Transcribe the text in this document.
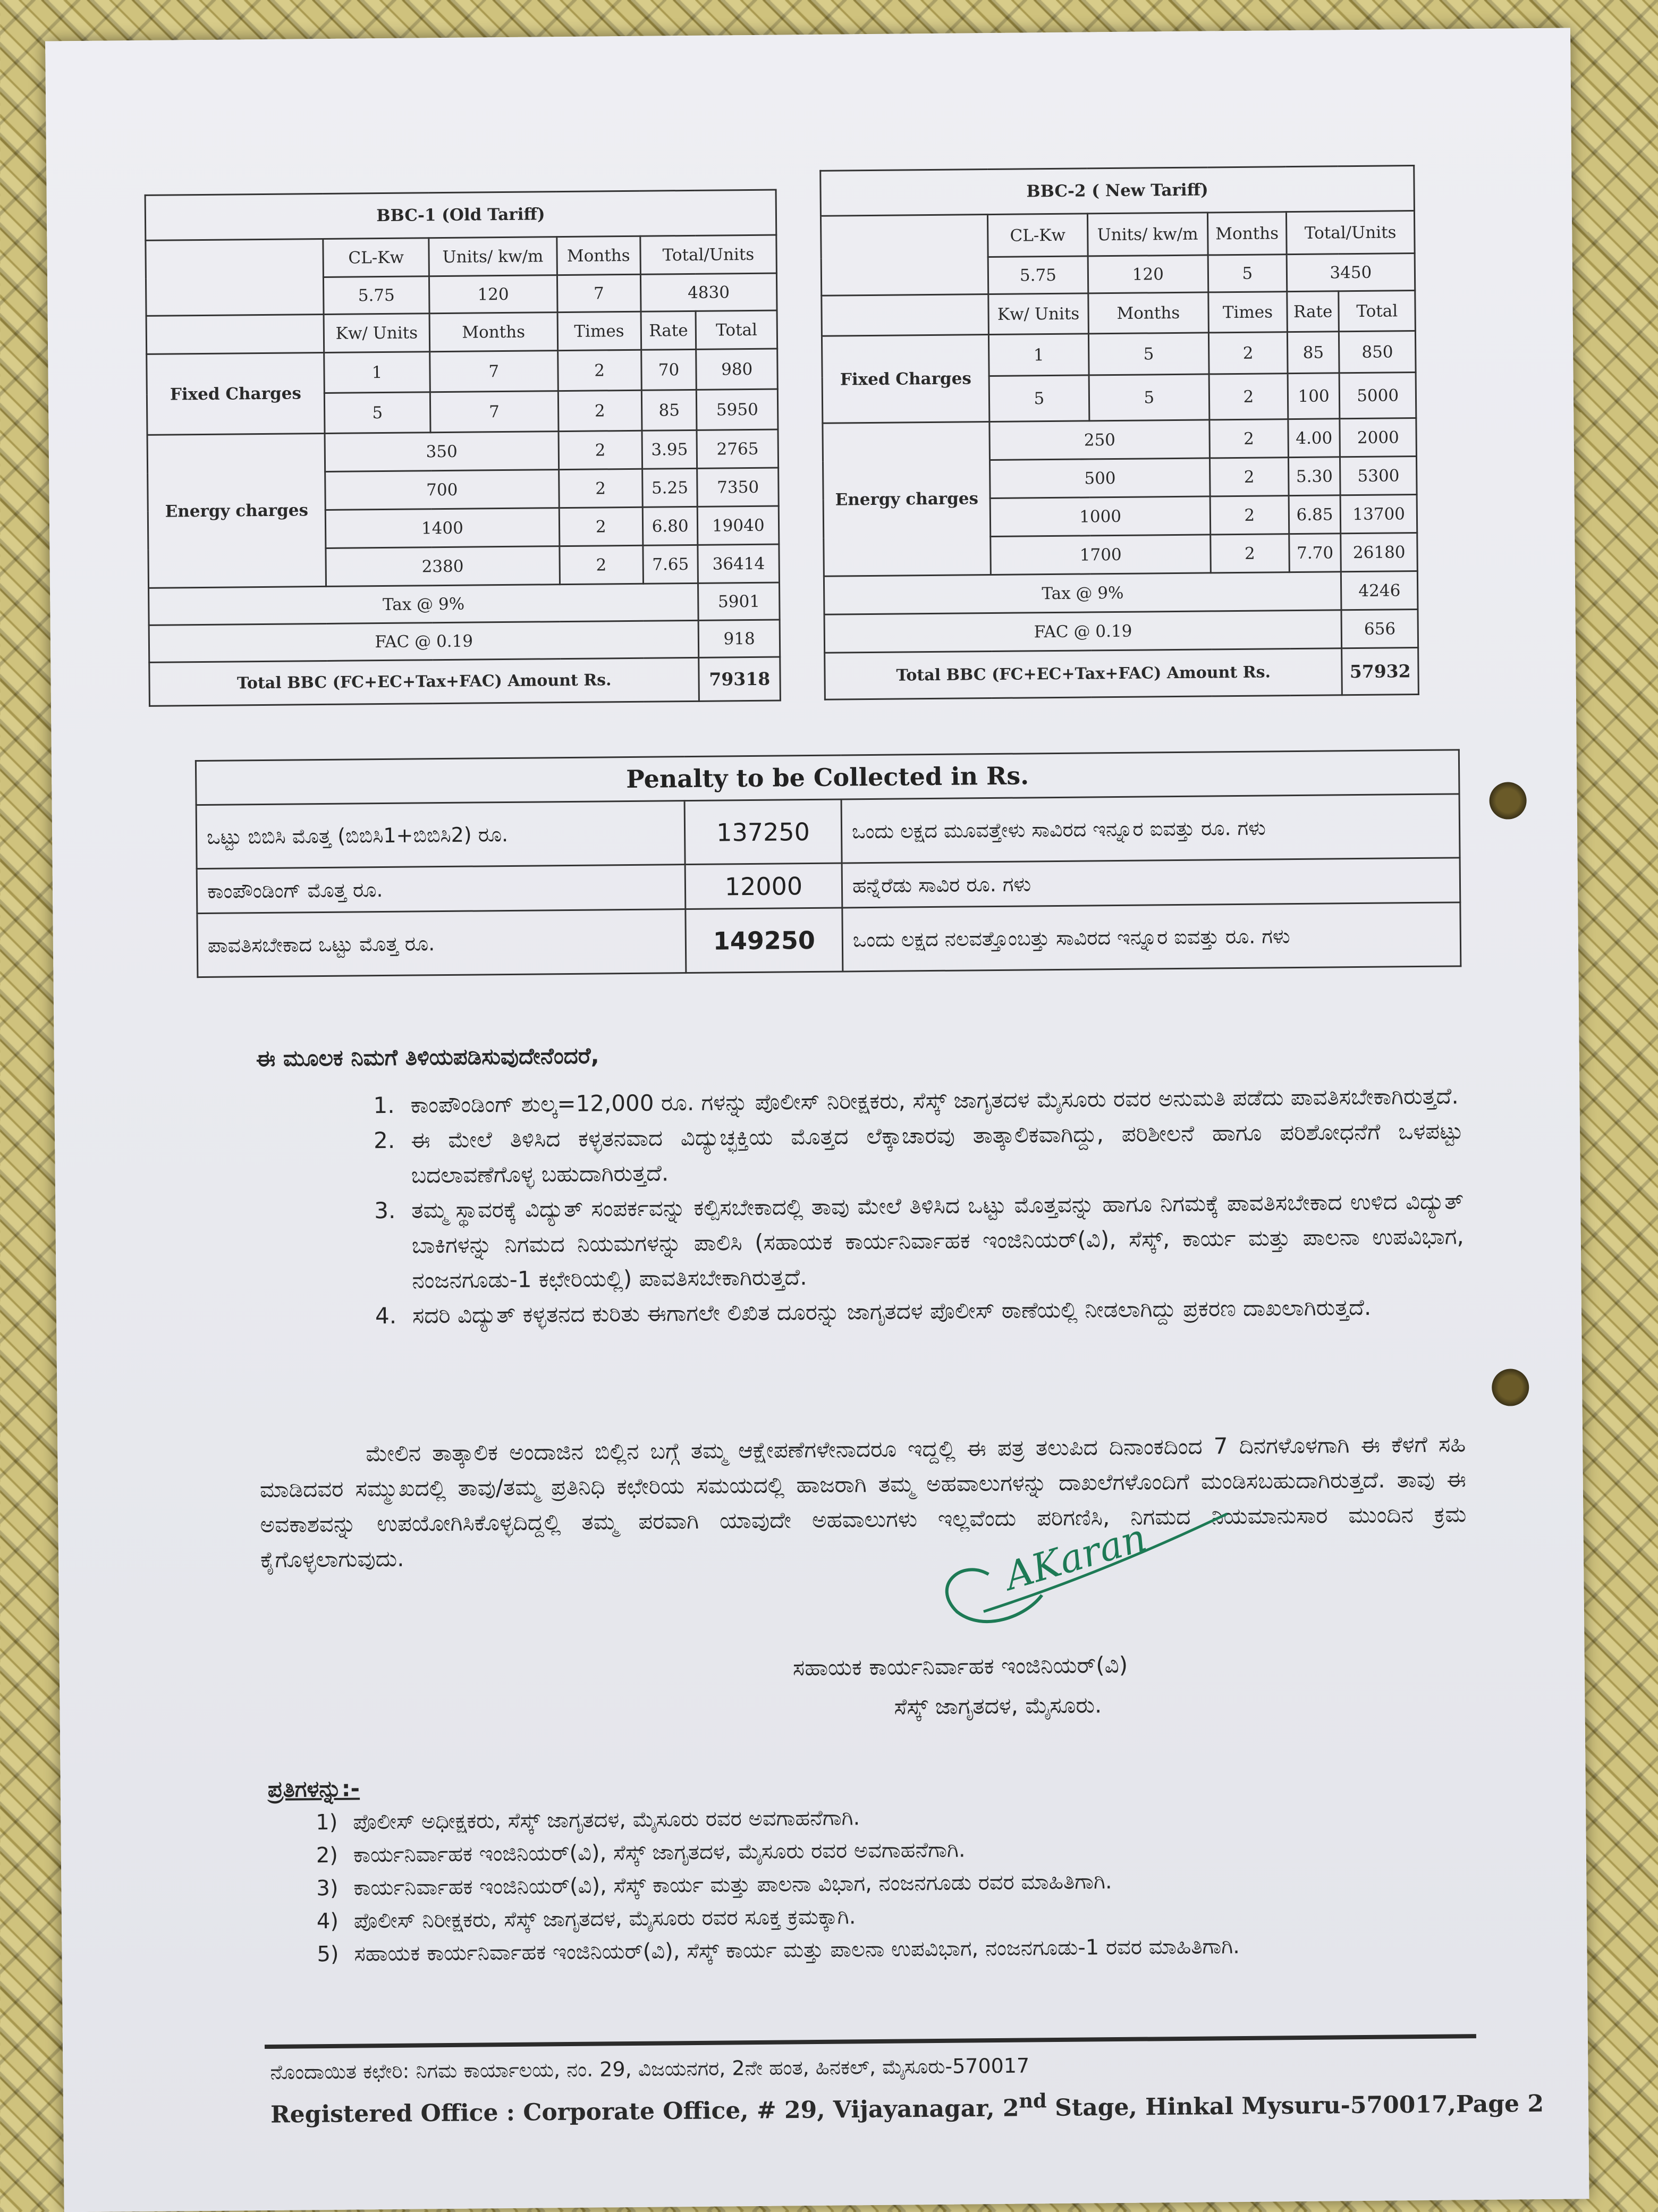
BBC-1 (Old Tariff)					
	CL-Kw	Units/ kw/m	Months	Total/Units	
	5.75	120	7	4830	
	Kw/ Units	Months	Times	Rate	Total
Fixed Charges	1	7	2	70	980
	5	7	2	85	5950
Energy charges	350		2	3.95	2765
	700		2	5.25	7350
	1400		2	6.80	19040
	2380		2	7.65	36414
Tax @ 9%					5901
FAC @ 0.19					918
Total BBC (FC+EC+Tax+FAC) Amount Rs.					79318
BBC-2 ( New Tariff)					
	CL-Kw	Units/ kw/m	Months	Total/Units	
	5.75	120	5	3450	
	Kw/ Units	Months	Times	Rate	Total
Fixed Charges	1	5	2	85	850
	5	5	2	100	5000
Energy charges	250		2	4.00	2000
	500		2	5.30	5300
	1000		2	6.85	13700
	1700		2	7.70	26180
Tax @ 9%					4246
FAC @ 0.19					656
Total BBC (FC+EC+Tax+FAC) Amount Rs.					57932
Penalty to be Collected in Rs.		
ಒಟ್ಟು ಬಿಬಿಸಿ ಮೊತ್ತ (ಬಿಬಿಸಿ1+ಬಿಬಿಸಿ2) ರೂ.	137250	ಒಂದು ಲಕ್ಷದ ಮೂವತ್ತೇಳು ಸಾವಿರದ ಇನ್ನೂರ ಐವತ್ತು ರೂ. ಗಳು
ಕಾಂಪೌಂಡಿಂಗ್ ಮೊತ್ತ ರೂ.	12000	ಹನ್ನೆರೆಡು ಸಾವಿರ ರೂ. ಗಳು
ಪಾವತಿಸಬೇಕಾದ ಒಟ್ಟು ಮೊತ್ತ ರೂ.	149250	ಒಂದು ಲಕ್ಷದ ನಲವತ್ತೊಂಬತ್ತು ಸಾವಿರದ ಇನ್ನೂರ ಐವತ್ತು ರೂ. ಗಳು
ಈ ಮೂಲಕ ನಿಮಗೆ ತಿಳಿಯಪಡಿಸುವುದೇನೆಂದರೆ,
1. ಕಾಂಪೌಂಡಿಂಗ್ ಶುಲ್ಕ=12,000 ರೂ. ಗಳನ್ನು ಪೊಲೀಸ್ ನಿರೀಕ್ಷಕರು, ಸೆಸ್ಕ್ ಜಾಗೃತದಳ ಮೈಸೂರು ರವರ ಅನುಮತಿ ಪಡೆದು ಪಾವತಿಸಬೇಕಾಗಿರುತ್ತದೆ.
2. ಈ ಮೇಲೆ ತಿಳಿಸಿದ ಕಳ್ಳತನವಾದ ವಿದ್ಯುಚ್ಛಕ್ತಿಯ ಮೊತ್ತದ ಲೆಕ್ಕಾಚಾರವು ತಾತ್ಕಾಲಿಕವಾಗಿದ್ದು, ಪರಿಶೀಲನೆ ಹಾಗೂ ಪರಿಶೋಧನೆಗೆ ಒಳಪಟ್ಟು ಬದಲಾವಣೆಗೊಳ್ಳ ಬಹುದಾಗಿರುತ್ತದೆ.
3. ತಮ್ಮ ಸ್ಥಾವರಕ್ಕೆ ವಿದ್ಯುತ್ ಸಂಪರ್ಕವನ್ನು ಕಲ್ಪಿಸಬೇಕಾದಲ್ಲಿ ತಾವು ಮೇಲೆ ತಿಳಿಸಿದ ಒಟ್ಟು ಮೊತ್ತವನ್ನು ಹಾಗೂ ನಿಗಮಕ್ಕೆ ಪಾವತಿಸಬೇಕಾದ ಉಳಿದ ವಿದ್ಯುತ್ ಬಾಕಿಗಳನ್ನು ನಿಗಮದ ನಿಯಮಗಳನ್ನು ಪಾಲಿಸಿ (ಸಹಾಯಕ ಕಾರ್ಯನಿರ್ವಾಹಕ ಇಂಜಿನಿಯರ್(ವಿ), ಸೆಸ್ಕ್, ಕಾರ್ಯ ಮತ್ತು ಪಾಲನಾ ಉಪವಿಭಾಗ, ನಂಜನಗೂಡು-1 ಕಛೇರಿಯಲ್ಲಿ) ಪಾವತಿಸಬೇಕಾಗಿರುತ್ತದೆ.
4. ಸದರಿ ವಿದ್ಯುತ್ ಕಳ್ಳತನದ ಕುರಿತು ಈಗಾಗಲೇ ಲಿಖಿತ ದೂರನ್ನು ಜಾಗೃತದಳ ಪೊಲೀಸ್ ಠಾಣೆಯಲ್ಲಿ ನೀಡಲಾಗಿದ್ದು ಪ್ರಕರಣ ದಾಖಲಾಗಿರುತ್ತದೆ.
ಮೇಲಿನ ತಾತ್ಕಾಲಿಕ ಅಂದಾಜಿನ ಬಿಲ್ಲಿನ ಬಗ್ಗೆ ತಮ್ಮ ಆಕ್ಷೇಪಣೆಗಳೇನಾದರೂ ಇದ್ದಲ್ಲಿ ಈ ಪತ್ರ ತಲುಪಿದ ದಿನಾಂಕದಿಂದ 7 ದಿನಗಳೊಳಗಾಗಿ ಈ ಕೆಳಗೆ ಸಹಿ ಮಾಡಿದವರ ಸಮ್ಮುಖದಲ್ಲಿ ತಾವು/ತಮ್ಮ ಪ್ರತಿನಿಧಿ ಕಛೇರಿಯ ಸಮಯದಲ್ಲಿ ಹಾಜರಾಗಿ ತಮ್ಮ ಅಹವಾಲುಗಳನ್ನು ದಾಖಲೆಗಳೊಂದಿಗೆ ಮಂಡಿಸಬಹುದಾಗಿರುತ್ತದೆ. ತಾವು ಈ ಅವಕಾಶವನ್ನು ಉಪಯೋಗಿಸಿಕೊಳ್ಳದಿದ್ದಲ್ಲಿ ತಮ್ಮ ಪರವಾಗಿ ಯಾವುದೇ ಅಹವಾಲುಗಳು ಇಲ್ಲವೆಂದು ಪರಿಗಣಿಸಿ, ನಿಗಮದ ನಿಯಮಾನುಸಾರ ಮುಂದಿನ ಕ್ರಮ ಕೈಗೊಳ್ಳಲಾಗುವುದು.	AKaran
ಸಹಾಯಕ ಕಾರ್ಯನಿರ್ವಾಹಕ ಇಂಜಿನಿಯರ್(ವಿ)
ಸೆಸ್ಕ್ ಜಾಗೃತದಳ, ಮೈಸೂರು.
ಪ್ರತಿಗಳನ್ನು:-
1) ಪೊಲೀಸ್ ಅಧೀಕ್ಷಕರು, ಸೆಸ್ಕ್ ಜಾಗೃತದಳ, ಮೈಸೂರು ರವರ ಅವಗಾಹನೆಗಾಗಿ.
2) ಕಾರ್ಯನಿರ್ವಾಹಕ ಇಂಜಿನಿಯರ್(ವಿ), ಸೆಸ್ಕ್ ಜಾಗೃತದಳ, ಮೈಸೂರು ರವರ ಅವಗಾಹನೆಗಾಗಿ.
3) ಕಾರ್ಯನಿರ್ವಾಹಕ ಇಂಜಿನಿಯರ್(ವಿ), ಸೆಸ್ಕ್ ಕಾರ್ಯ ಮತ್ತು ಪಾಲನಾ ವಿಭಾಗ, ನಂಜನಗೂಡು ರವರ ಮಾಹಿತಿಗಾಗಿ.
4) ಪೊಲೀಸ್ ನಿರೀಕ್ಷಕರು, ಸೆಸ್ಕ್ ಜಾಗೃತದಳ, ಮೈಸೂರು ರವರ ಸೂಕ್ತ ಕ್ರಮಕ್ಕಾಗಿ.
5) ಸಹಾಯಕ ಕಾರ್ಯನಿರ್ವಾಹಕ ಇಂಜಿನಿಯರ್(ವಿ), ಸೆಸ್ಕ್ ಕಾರ್ಯ ಮತ್ತು ಪಾಲನಾ ಉಪವಿಭಾಗ, ನಂಜನಗೂಡು-1 ರವರ ಮಾಹಿತಿಗಾಗಿ.
ನೊಂದಾಯಿತ ಕಛೇರಿ: ನಿಗಮ ಕಾರ್ಯಾಲಯ, ನಂ. 29, ವಿಜಯನಗರ, 2ನೇ ಹಂತ, ಹಿನಕಲ್, ಮೈಸೂರು-570017
Registered Office : Corporate Office, # 29, Vijayanagar, 2nd Stage, Hinkal Mysuru-570017,Page 2
